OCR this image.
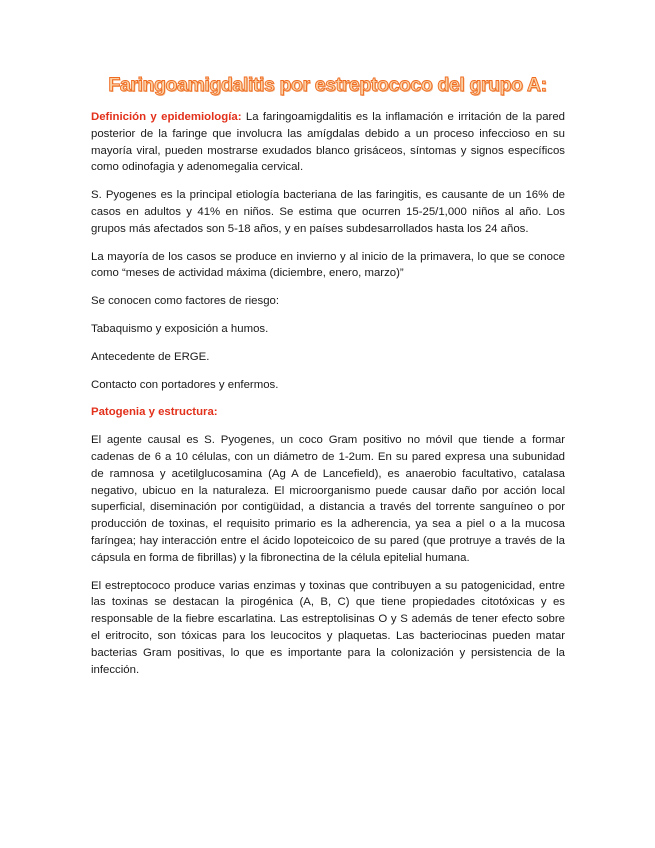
Faringoamigdalitis por estreptococo del grupo A:

Definición y epidemiología: La faringoamigdalitis es la inflamación e irritación de la pared posterior de la faringe que involucra las amígdalas debido a un proceso infeccioso en su mayoría viral, pueden mostrarse exudados blanco grisáceos, síntomas y signos específicos como odinofagia y adenomegalia cervical.

S. Pyogenes es la principal etiología bacteriana de las faringitis, es causante de un 16% de casos en adultos y 41% en niños. Se estima que ocurren 15-25/1,000 niños al año. Los grupos más afectados son 5-18 años, y en países subdesarrollados hasta los 24 años.

La mayoría de los casos se produce en invierno y al inicio de la primavera, lo que se conoce como “meses de actividad máxima (diciembre, enero, marzo)”

Se conocen como factores de riesgo:

Tabaquismo y exposición a humos.

Antecedente de ERGE.

Contacto con portadores y enfermos.

Patogenia y estructura:

El agente causal es S. Pyogenes, un coco Gram positivo no móvil que tiende a formar cadenas de 6 a 10 células, con un diámetro de 1-2um. En su pared expresa una subunidad de ramnosa y acetilglucosamina (Ag A de Lancefield), es anaerobio facultativo, catalasa negativo, ubicuo en la naturaleza. El microorganismo puede causar daño por acción local superficial, diseminación por contigüidad, a distancia a través del torrente sanguíneo o por producción de toxinas, el requisito primario es la adherencia, ya sea a piel o a la mucosa faríngea; hay interacción entre el ácido lopoteicoico de su pared (que protruye a través de la cápsula en forma de fibrillas) y la fibronectina de la célula epitelial humana.

El estreptococo produce varias enzimas y toxinas que contribuyen a su patogenicidad, entre las toxinas se destacan la pirogénica (A, B, C) que tiene propiedades citotóxicas y es responsable de la fiebre escarlatina. Las estreptolisinas O y S además de tener efecto sobre el eritrocito, son tóxicas para los leucocitos y plaquetas. Las bacteriocinas pueden matar bacterias Gram positivas, lo que es importante para la colonización y persistencia de la infección.
